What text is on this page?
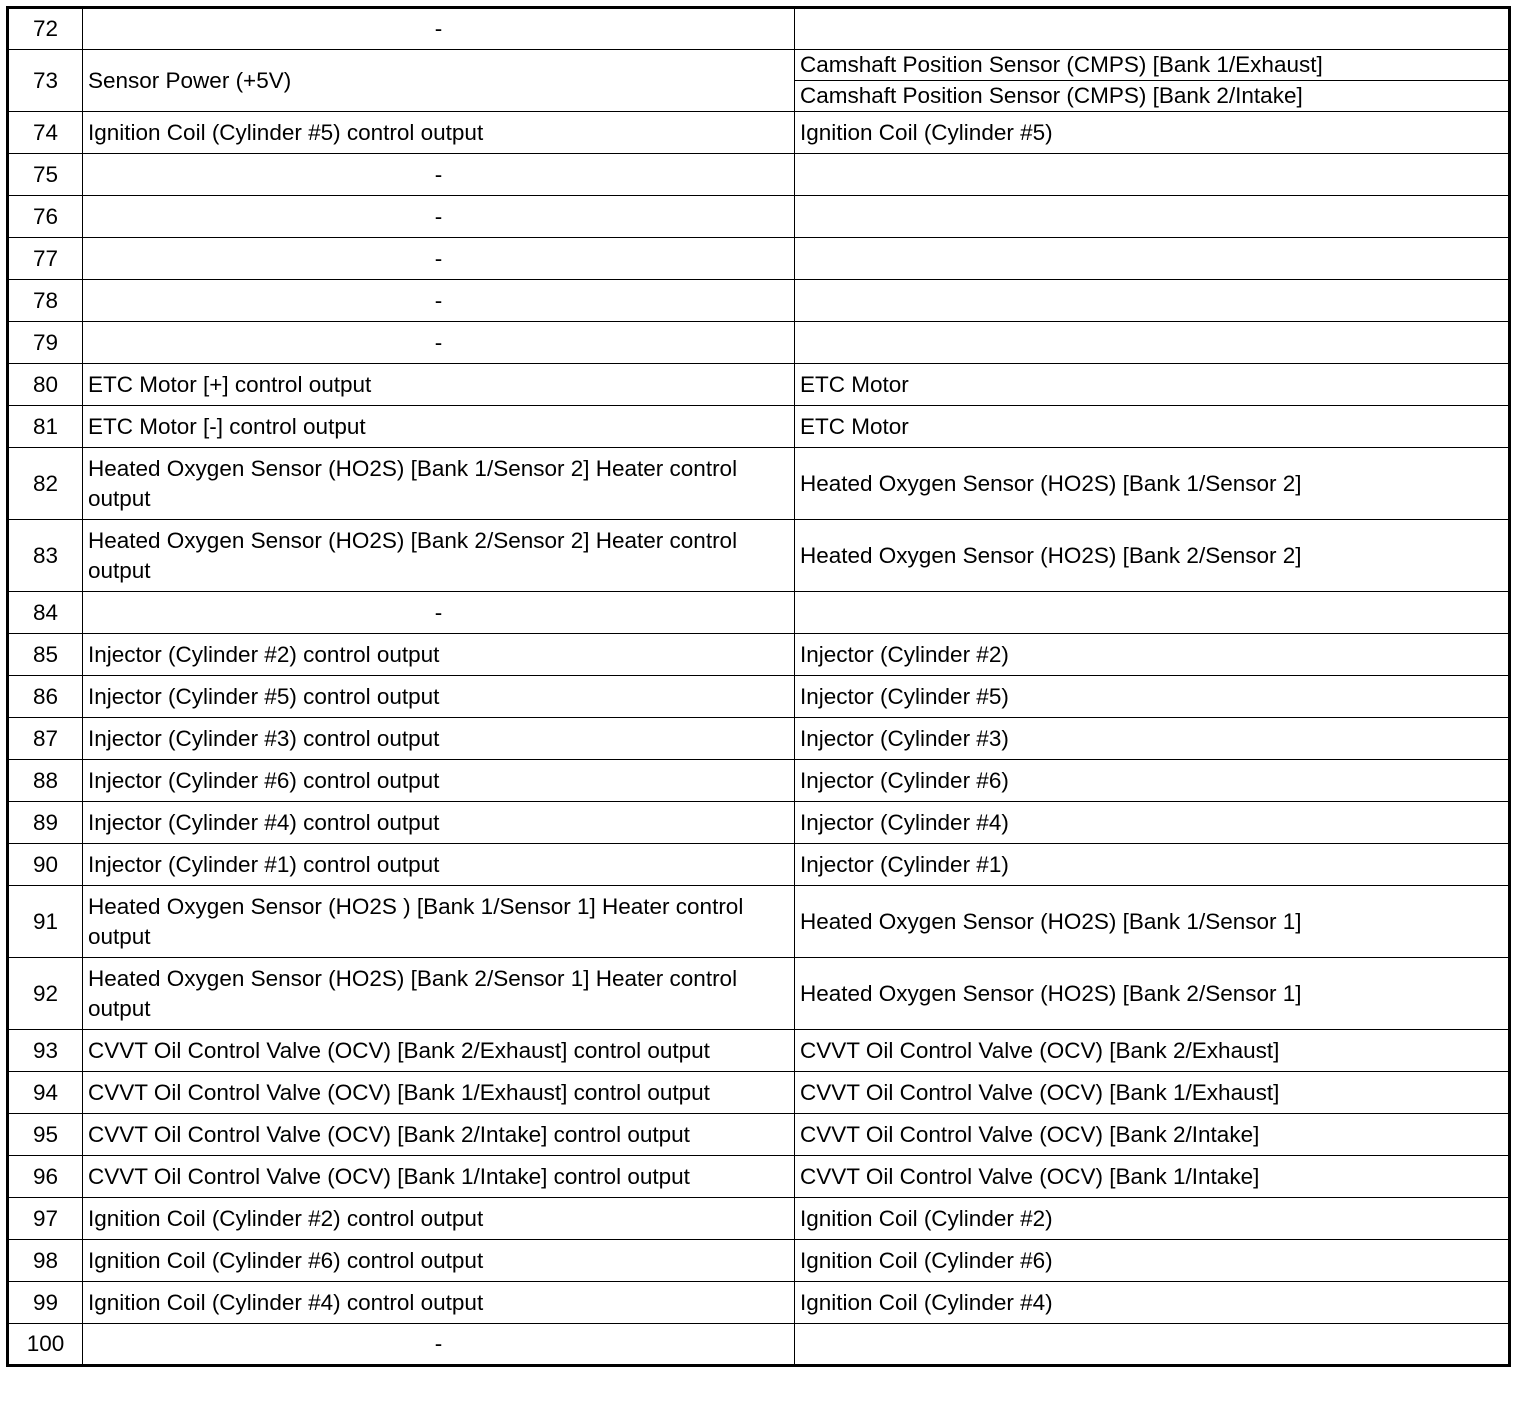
72	-	
73	Sensor Power (+5V)	Camshaft Position Sensor (CMPS) [Bank 1/Exhaust]
		Camshaft Position Sensor (CMPS) [Bank 2/Intake]
74	Ignition Coil (Cylinder #5) control output	Ignition Coil (Cylinder #5)
75	-	
76	-	
77	-	
78	-	
79	-	
80	ETC Motor [+] control output	ETC Motor
81	ETC Motor [-] control output	ETC Motor
82	Heated Oxygen Sensor (HO2S) [Bank 1/Sensor 2] Heater control output	Heated Oxygen Sensor (HO2S) [Bank 1/Sensor 2]
83	Heated Oxygen Sensor (HO2S) [Bank 2/Sensor 2] Heater control output	Heated Oxygen Sensor (HO2S) [Bank 2/Sensor 2]
84	-	
85	Injector (Cylinder #2) control output	Injector (Cylinder #2)
86	Injector (Cylinder #5) control output	Injector (Cylinder #5)
87	Injector (Cylinder #3) control output	Injector (Cylinder #3)
88	Injector (Cylinder #6) control output	Injector (Cylinder #6)
89	Injector (Cylinder #4) control output	Injector (Cylinder #4)
90	Injector (Cylinder #1) control output	Injector (Cylinder #1)
91	Heated Oxygen Sensor (HO2S ) [Bank 1/Sensor 1] Heater control output	Heated Oxygen Sensor (HO2S) [Bank 1/Sensor 1]
92	Heated Oxygen Sensor (HO2S) [Bank 2/Sensor 1] Heater control output	Heated Oxygen Sensor (HO2S) [Bank 2/Sensor 1]
93	CVVT Oil Control Valve (OCV) [Bank 2/Exhaust] control output	CVVT Oil Control Valve (OCV) [Bank 2/Exhaust]
94	CVVT Oil Control Valve (OCV) [Bank 1/Exhaust] control output	CVVT Oil Control Valve (OCV) [Bank 1/Exhaust]
95	CVVT Oil Control Valve (OCV) [Bank 2/Intake] control output	CVVT Oil Control Valve (OCV) [Bank 2/Intake]
96	CVVT Oil Control Valve (OCV) [Bank 1/Intake] control output	CVVT Oil Control Valve (OCV) [Bank 1/Intake]
97	Ignition Coil (Cylinder #2) control output	Ignition Coil (Cylinder #2)
98	Ignition Coil (Cylinder #6) control output	Ignition Coil (Cylinder #6)
99	Ignition Coil (Cylinder #4) control output	Ignition Coil (Cylinder #4)
100	-	
